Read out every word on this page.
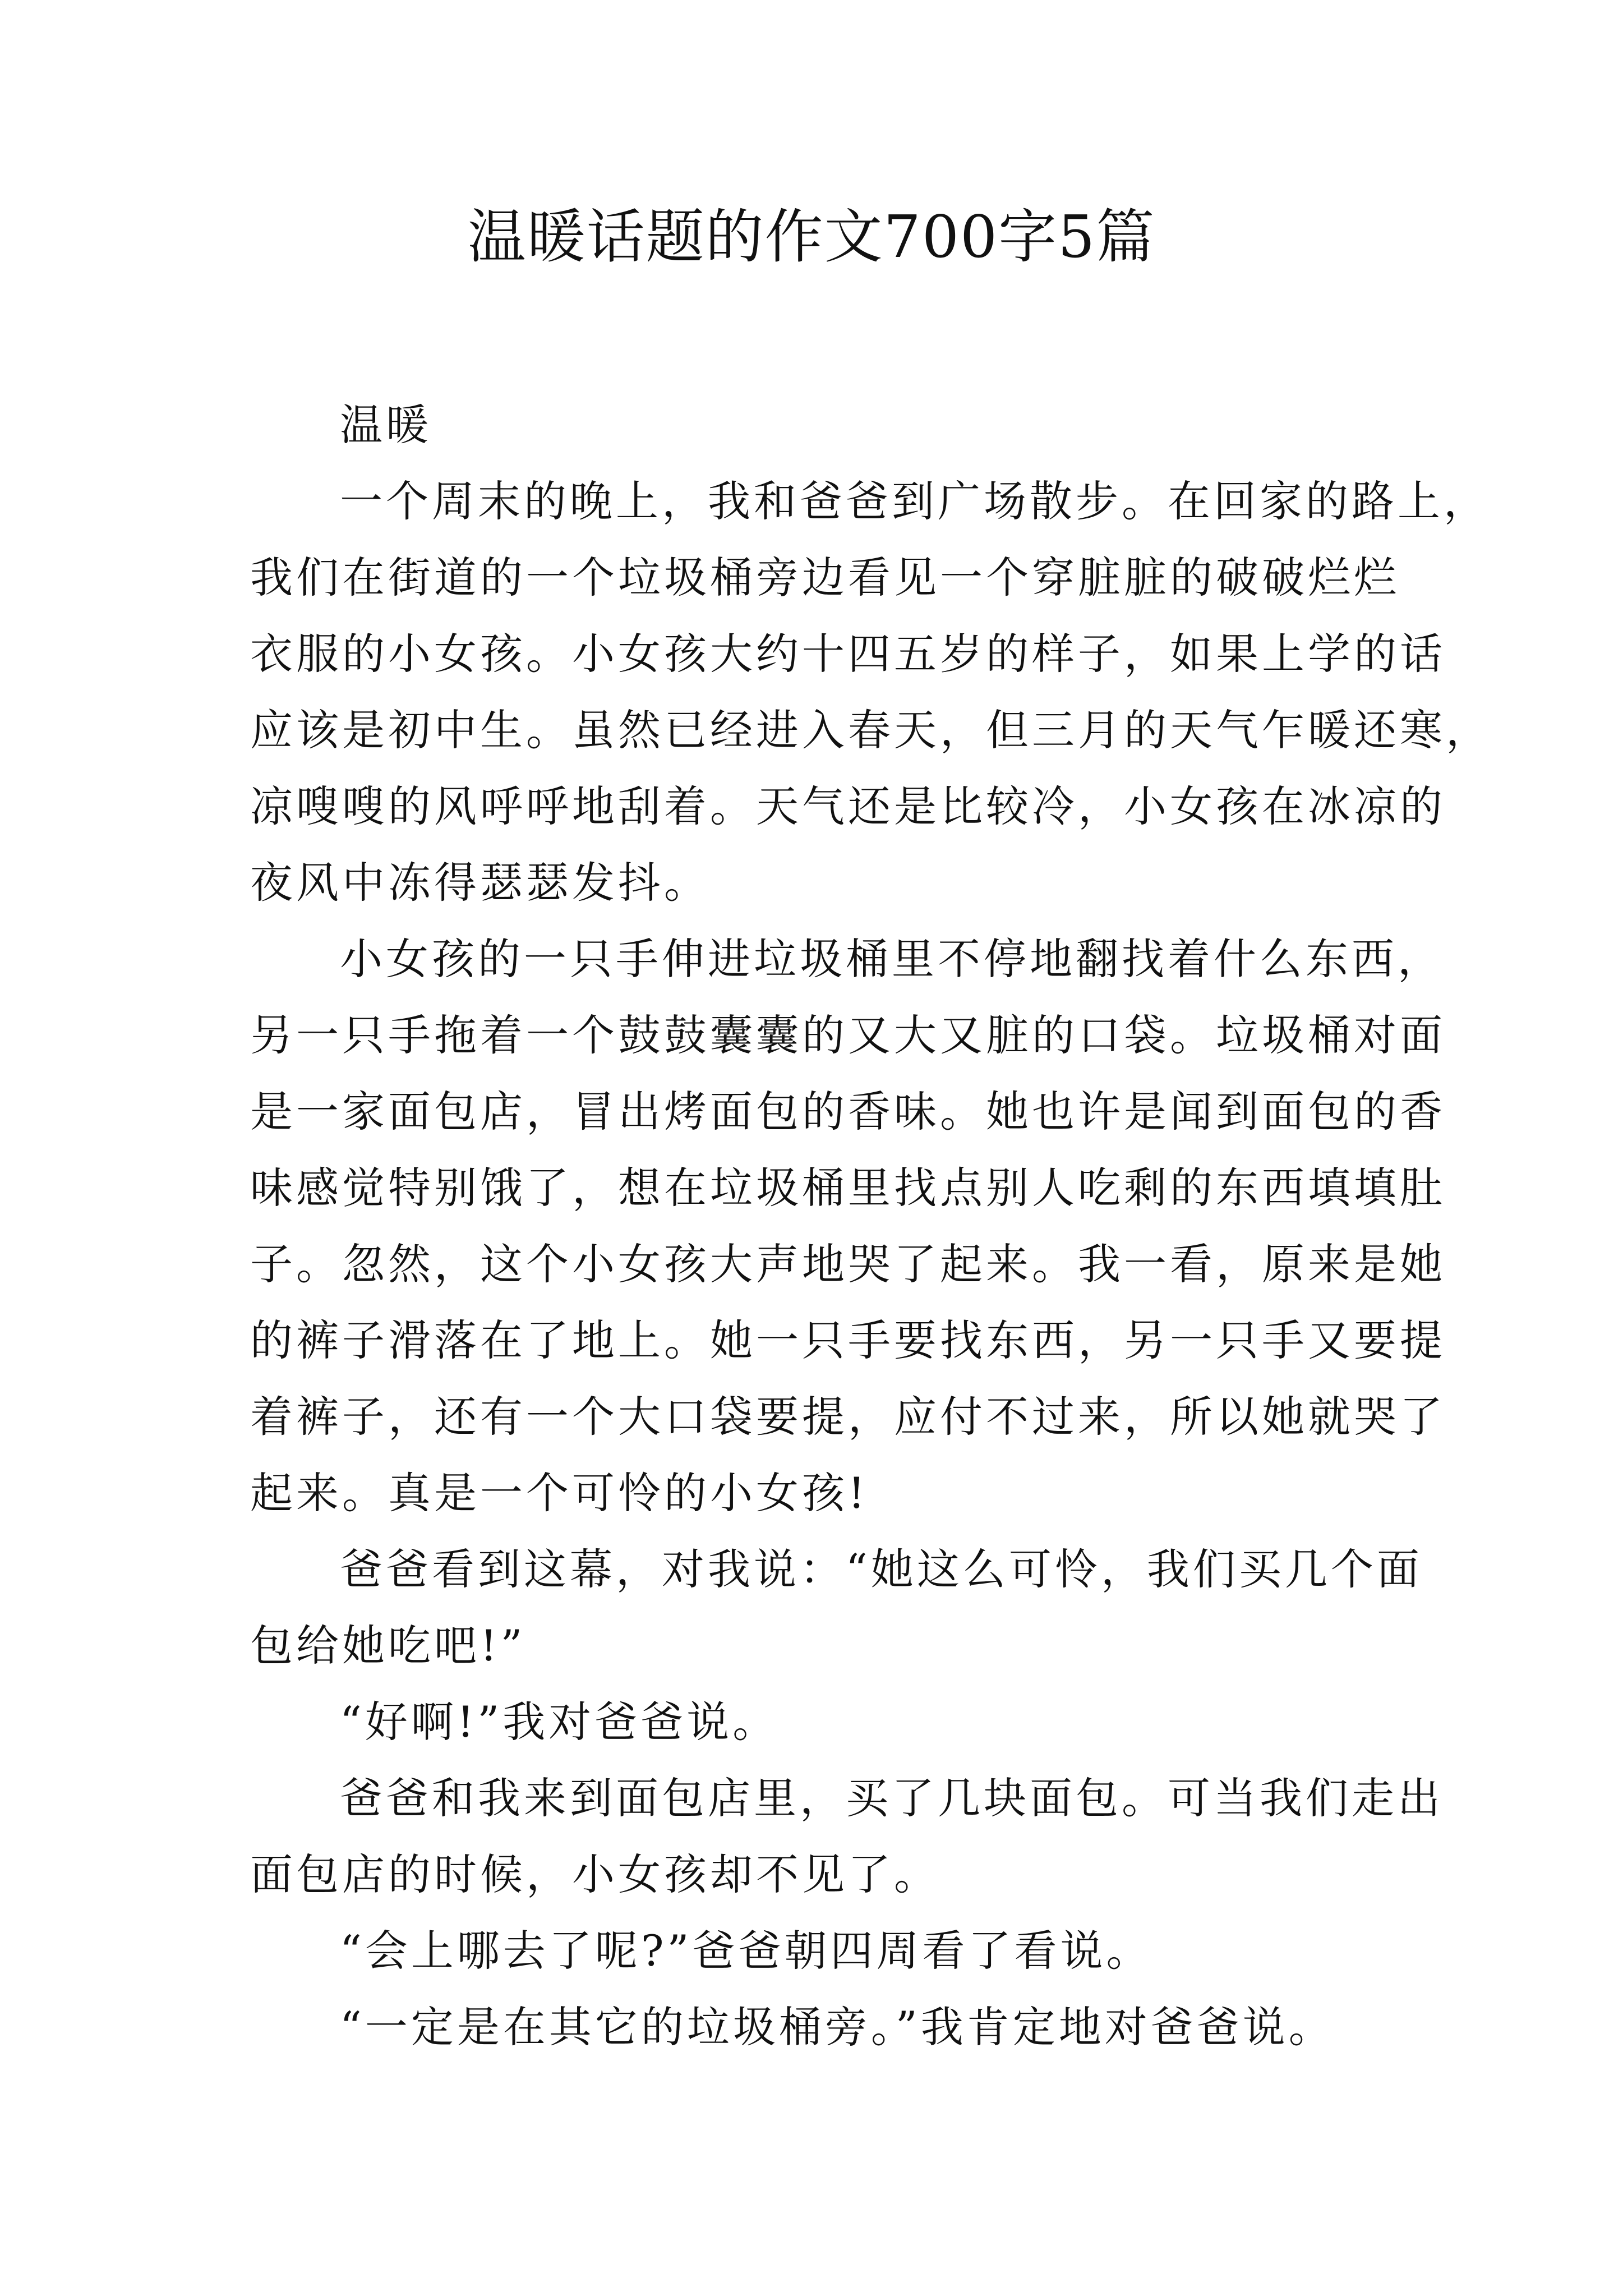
温暖话题的作文700字5篇
温暖
一个周末的晚上，我和爸爸到广场散步。在回家的路上，
我们在街道的一个垃圾桶旁边看见一个穿脏脏的破破烂烂
衣服的小女孩。小女孩大约十四五岁的样子，如果上学的话
应该是初中生。虽然已经进入春天，但三月的天气乍暖还寒，
凉嗖嗖的风呼呼地刮着。天气还是比较冷，小女孩在冰凉的
夜风中冻得瑟瑟发抖。
小女孩的一只手伸进垃圾桶里不停地翻找着什么东西，
另一只手拖着一个鼓鼓囊囊的又大又脏的口袋。垃圾桶对面
是一家面包店，冒出烤面包的香味。她也许是闻到面包的香
味感觉特别饿了，想在垃圾桶里找点别人吃剩的东西填填肚
子。忽然，这个小女孩大声地哭了起来。我一看，原来是她
的裤子滑落在了地上。她一只手要找东西，另一只手又要提
着裤子，还有一个大口袋要提，应付不过来，所以她就哭了
起来。真是一个可怜的小女孩!
爸爸看到这幕，对我说：“她这么可怜，我们买几个面
包给她吃吧!”
“好啊!”我对爸爸说。
爸爸和我来到面包店里，买了几块面包。可当我们走出
面包店的时候，小女孩却不见了。
“会上哪去了呢?”爸爸朝四周看了看说。
“一定是在其它的垃圾桶旁。”我肯定地对爸爸说。
